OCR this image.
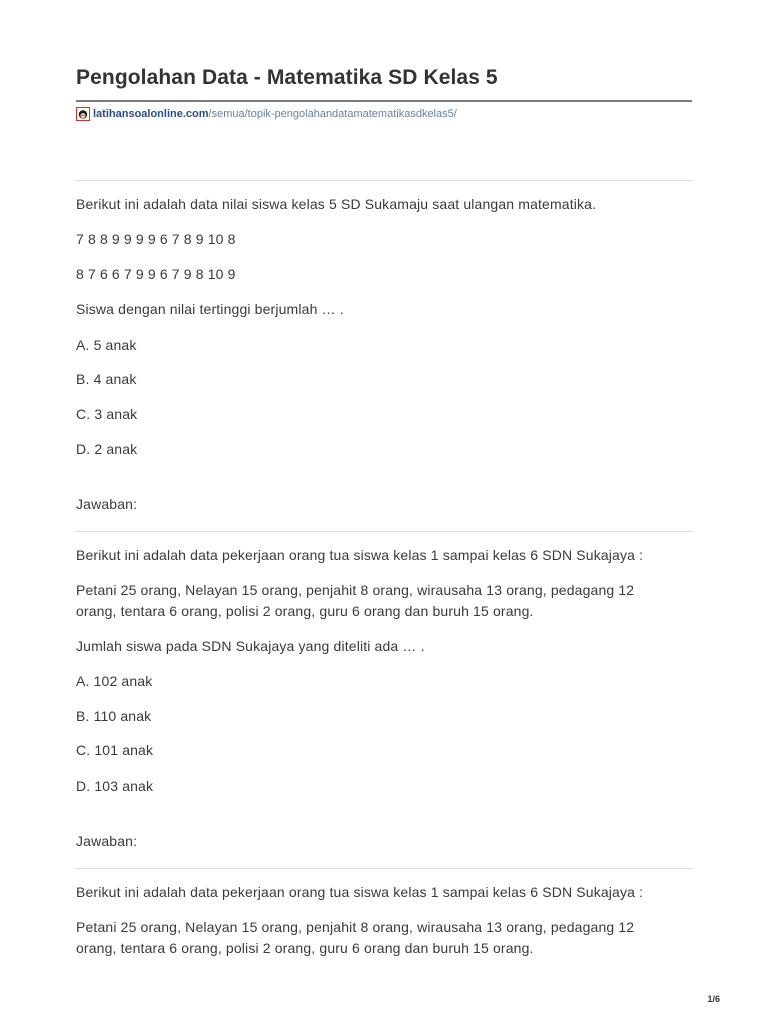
Pengolahan Data - Matematika SD Kelas 5
latihansoalonline.com /semua/topik-pengolahandatamatematikasdkelas5/

Berikut ini adalah data nilai siswa kelas 5 SD Sukamaju saat ulangan matematika.

7 8 8 9 9 9 9 6 7 8 9 10 8

8 7 6 6 7 9 9 6 7 9 8 10 9

Siswa dengan nilai tertinggi berjumlah … .

A. 5 anak

B. 4 anak

C. 3 anak

D. 2 anak

Jawaban:

Berikut ini adalah data pekerjaan orang tua siswa kelas 1 sampai kelas 6 SDN Sukajaya :

Petani 25 orang, Nelayan 15 orang, penjahit 8 orang, wirausaha 13 orang, pedagang 12

orang, tentara 6 orang, polisi 2 orang, guru 6 orang dan buruh 15 orang.

Jumlah siswa pada SDN Sukajaya yang diteliti ada … .

A. 102 anak

B. 110 anak

C. 101 anak

D. 103 anak

Jawaban:

Berikut ini adalah data pekerjaan orang tua siswa kelas 1 sampai kelas 6 SDN Sukajaya :

Petani 25 orang, Nelayan 15 orang, penjahit 8 orang, wirausaha 13 orang, pedagang 12

orang, tentara 6 orang, polisi 2 orang, guru 6 orang dan buruh 15 orang.

1/6
